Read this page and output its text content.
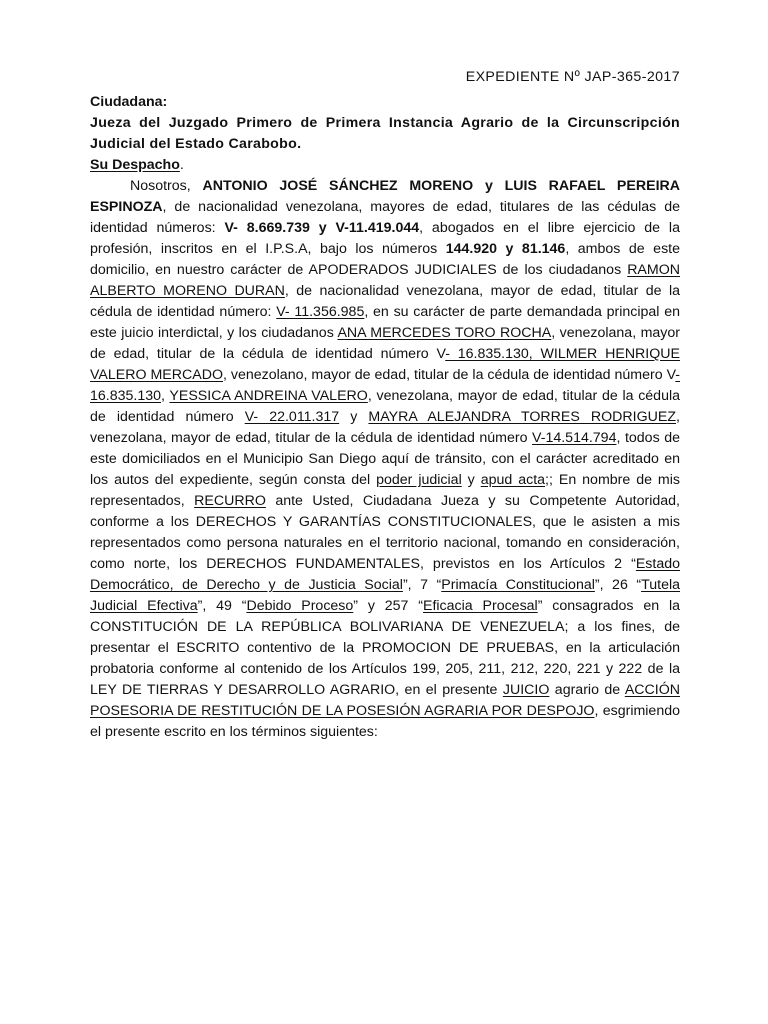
EXPEDIENTE Nº JAP-365-2017

Ciudadana:

Jueza del Juzgado Primero de Primera Instancia Agrario de la Circunscripción Judicial del Estado Carabobo.

Su Despacho.

Nosotros, ANTONIO JOSÉ SÁNCHEZ MORENO y LUIS RAFAEL PEREIRA ESPINOZA, de nacionalidad venezolana, mayores de edad, titulares de las cédulas de identidad números: V- 8.669.739 y V-11.419.044, abogados en el libre ejercicio de la profesión, inscritos en el I.P.S.A, bajo los números 144.920 y 81.146, ambos de este domicilio, en nuestro carácter de APODERADOS JUDICIALES de los ciudadanos RAMON ALBERTO MORENO DURAN, de nacionalidad venezolana, mayor de edad, titular de la cédula de identidad número: V- 11.356.985, en su carácter de parte demandada principal en este juicio interdictal, y los ciudadanos ANA MERCEDES TORO ROCHA, venezolana, mayor de edad, titular de la cédula de identidad número V- 16.835.130, WILMER HENRIQUE VALERO MERCADO, venezolano, mayor de edad, titular de la cédula de identidad número V- 16.835.130, YESSICA ANDREINA VALERO, venezolana, mayor de edad, titular de la cédula de identidad número V- 22.011.317 y MAYRA ALEJANDRA TORRES RODRIGUEZ, venezolana, mayor de edad, titular de la cédula de identidad número V-14.514.794, todos de este domiciliados en el Municipio San Diego aquí de tránsito, con el carácter acreditado en los autos del expediente, según consta del poder judicial y apud acta;; En nombre de mis representados, RECURRO ante Usted, Ciudadana Jueza y su Competente Autoridad, conforme a los DERECHOS Y GARANTÍAS CONSTITUCIONALES, que le asisten a mis representados como persona naturales en el territorio nacional, tomando en consideración, como norte, los DERECHOS FUNDAMENTALES, previstos en los Artículos 2 “Estado Democrático, de Derecho y de Justicia Social”, 7 “Primacía Constitucional”, 26 “Tutela Judicial Efectiva”, 49 “Debido Proceso” y 257 “Eficacia Procesal” consagrados en la CONSTITUCIÓN DE LA REPÚBLICA BOLIVARIANA DE VENEZUELA; a los fines, de presentar el ESCRITO contentivo de la PROMOCION DE PRUEBAS, en la articulación probatoria conforme al contenido de los Artículos 199, 205, 211, 212, 220, 221 y 222 de la LEY DE TIERRAS Y DESARROLLO AGRARIO, en el presente JUICIO agrario de ACCIÓN POSESORIA DE RESTITUCIÓN DE LA POSESIÓN AGRARIA POR DESPOJO, esgrimiendo el presente escrito en los términos siguientes:
